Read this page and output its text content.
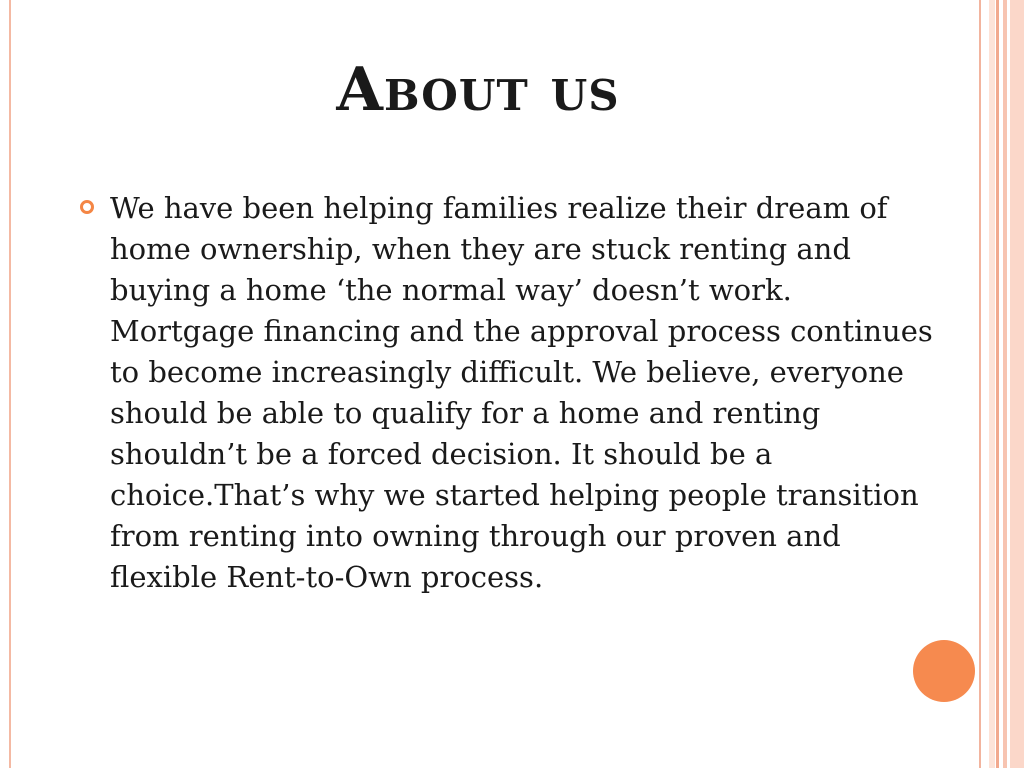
About us

We have been helping families realize their dream of home ownership, when they are stuck renting and buying a home ‘the normal way’ doesn’t work. Mortgage financing and the approval process continues to become increasingly difficult. We believe, everyone should be able to qualify for a home and renting shouldn’t be a forced decision. It should be a choice.That’s why we started helping people transition from renting into owning through our proven and flexible Rent-to-Own process.
